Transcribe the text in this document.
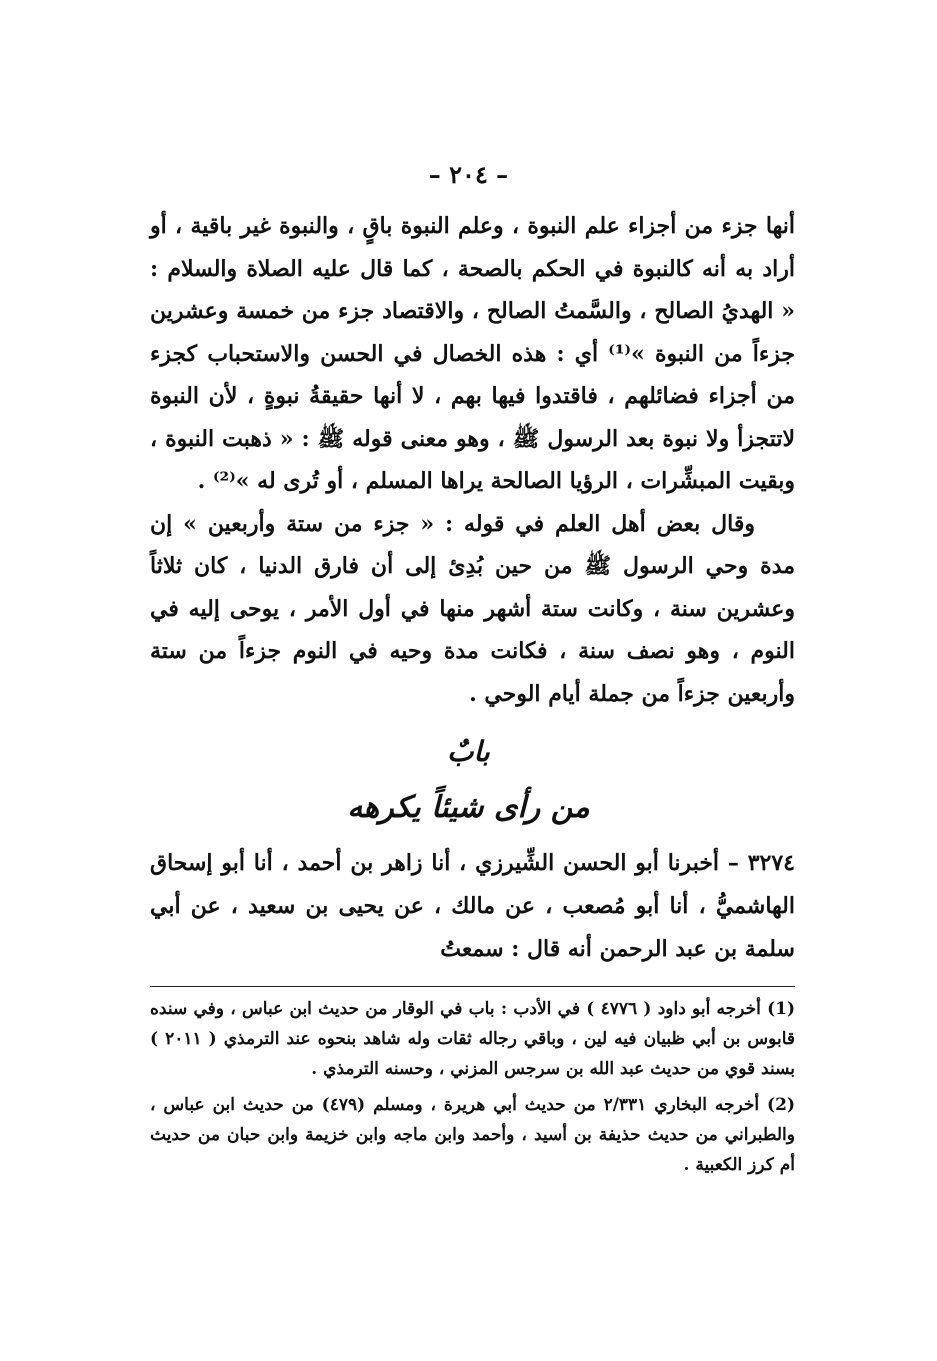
– ٢٠٤ –

أنها جزء من أجزاء علم النبوة ، وعلم النبوة باقٍ ، والنبوة غير باقية ، أو أراد به أنه كالنبوة في الحكم بالصحة ، كما قال عليه الصلاة والسلام : « الهديُ الصالح ، والسَّمتُ الصالح ، والاقتصاد جزء من خمسة وعشرين جزءاً من النبوة »⁽¹⁾ أي : هذه الخصال في الحسن والاستحباب كجزء من أجزاء فضائلهم ، فاقتدوا فيها بهم ، لا أنها حقيقةُ نبوةٍ ، لأن النبوة لاتتجزأ ولا نبوة بعد الرسول ﷺ ، وهو معنى قوله ﷺ : « ذهبت النبوة ، وبقيت المبشِّرات ، الرؤيا الصالحة يراها المسلم ، أو تُرى له »⁽²⁾ .

وقال بعض أهل العلم في قوله : « جزء من ستة وأربعين » إن مدة وحي الرسول ﷺ من حين بُدِئ إلى أن فارق الدنيا ، كان ثلاثاً وعشرين سنة ، وكانت ستة أشهر منها في أول الأمر ، يوحى إليه في النوم ، وهو نصف سنة ، فكانت مدة وحيه في النوم جزءاً من ستة وأربعين جزءاً من جملة أيام الوحي .

بابٌ
من رأى شيئاً يكرهه

٣٢٧٤ – أخبرنا أبو الحسن الشِّيرزي ، أنا زاهر بن أحمد ، أنا أبو إسحاق الهاشميُّ ، أنا أبو مُصعب ، عن مالك ، عن يحيى بن سعيد ، عن أبي سلمة بن عبد الرحمن أنه قال : سمعتُ

(1) أخرجه أبو داود ( ٤٧٧٦ ) في الأدب : باب في الوقار من حديث ابن عباس ، وفي سنده قابوس بن أبي ظبيان فيه لين ، وباقي رجاله ثقات وله شاهد بنحوه عند الترمذي ( ٢٠١١ ) بسند قوي من حديث عبد الله بن سرجس المزني ، وحسنه الترمذي .

(2) أخرجه البخاري ٢/٣٣١ من حديث أبي هريرة ، ومسلم (٤٧٩) من حديث ابن عباس ، والطبراني من حديث حذيفة بن أسيد ، وأحمد وابن ماجه وابن خزيمة وابن حبان من حديث أم كرز الكعبية .
